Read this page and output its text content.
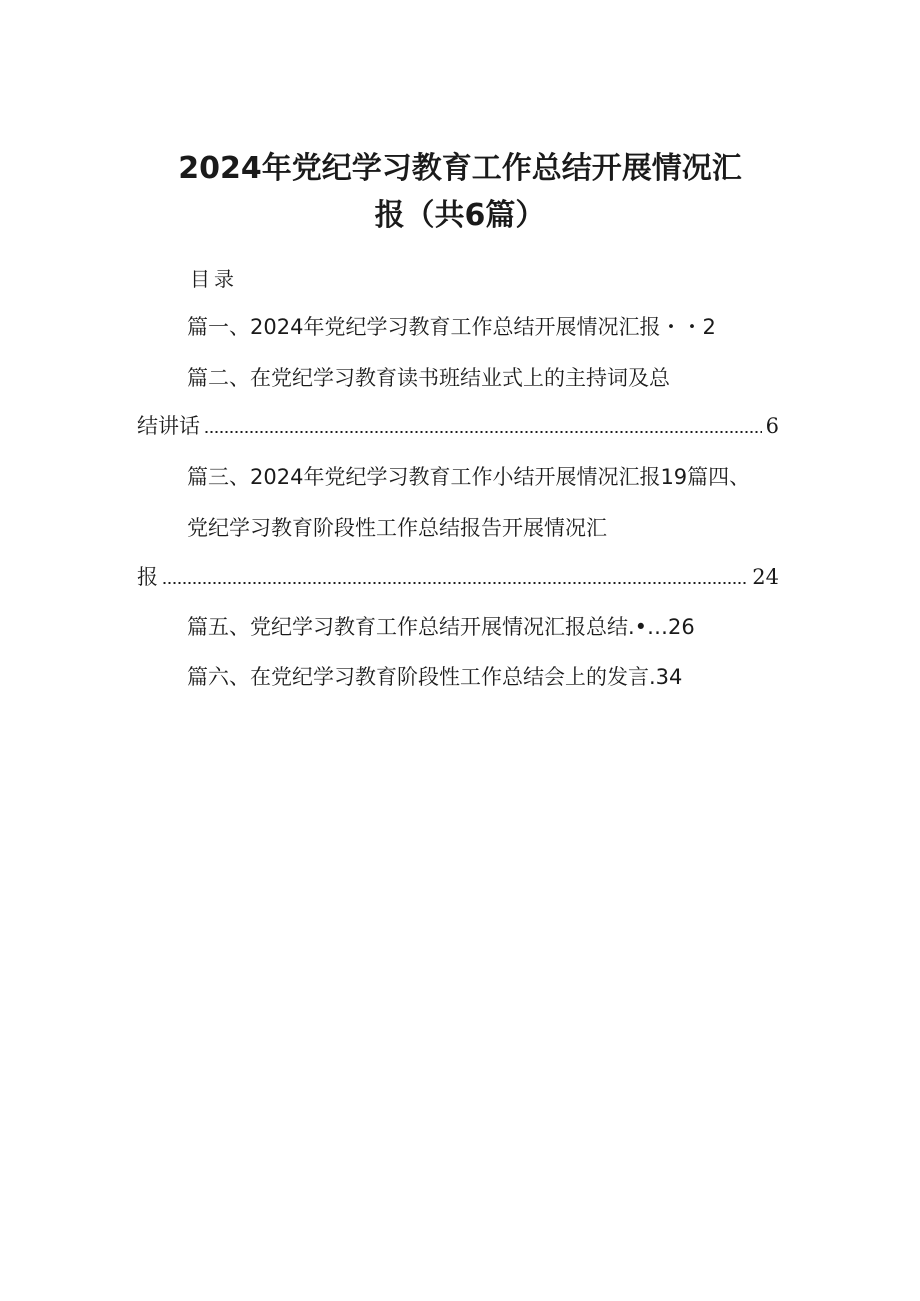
2024年党纪学习教育工作总结开展情况汇
报（共6篇）
目录
篇一、2024年党纪学习教育工作总结开展情况汇报・・2
篇二、在党纪学习教育读书班结业式上的主持词及总
结讲话	6
篇三、2024年党纪学习教育工作小结开展情况汇报19篇四、
党纪学习教育阶段性工作总结报告开展情况汇
报	24
篇五、党纪学习教育工作总结开展情况汇报总结.•…26
篇六、在党纪学习教育阶段性工作总结会上的发言.34
